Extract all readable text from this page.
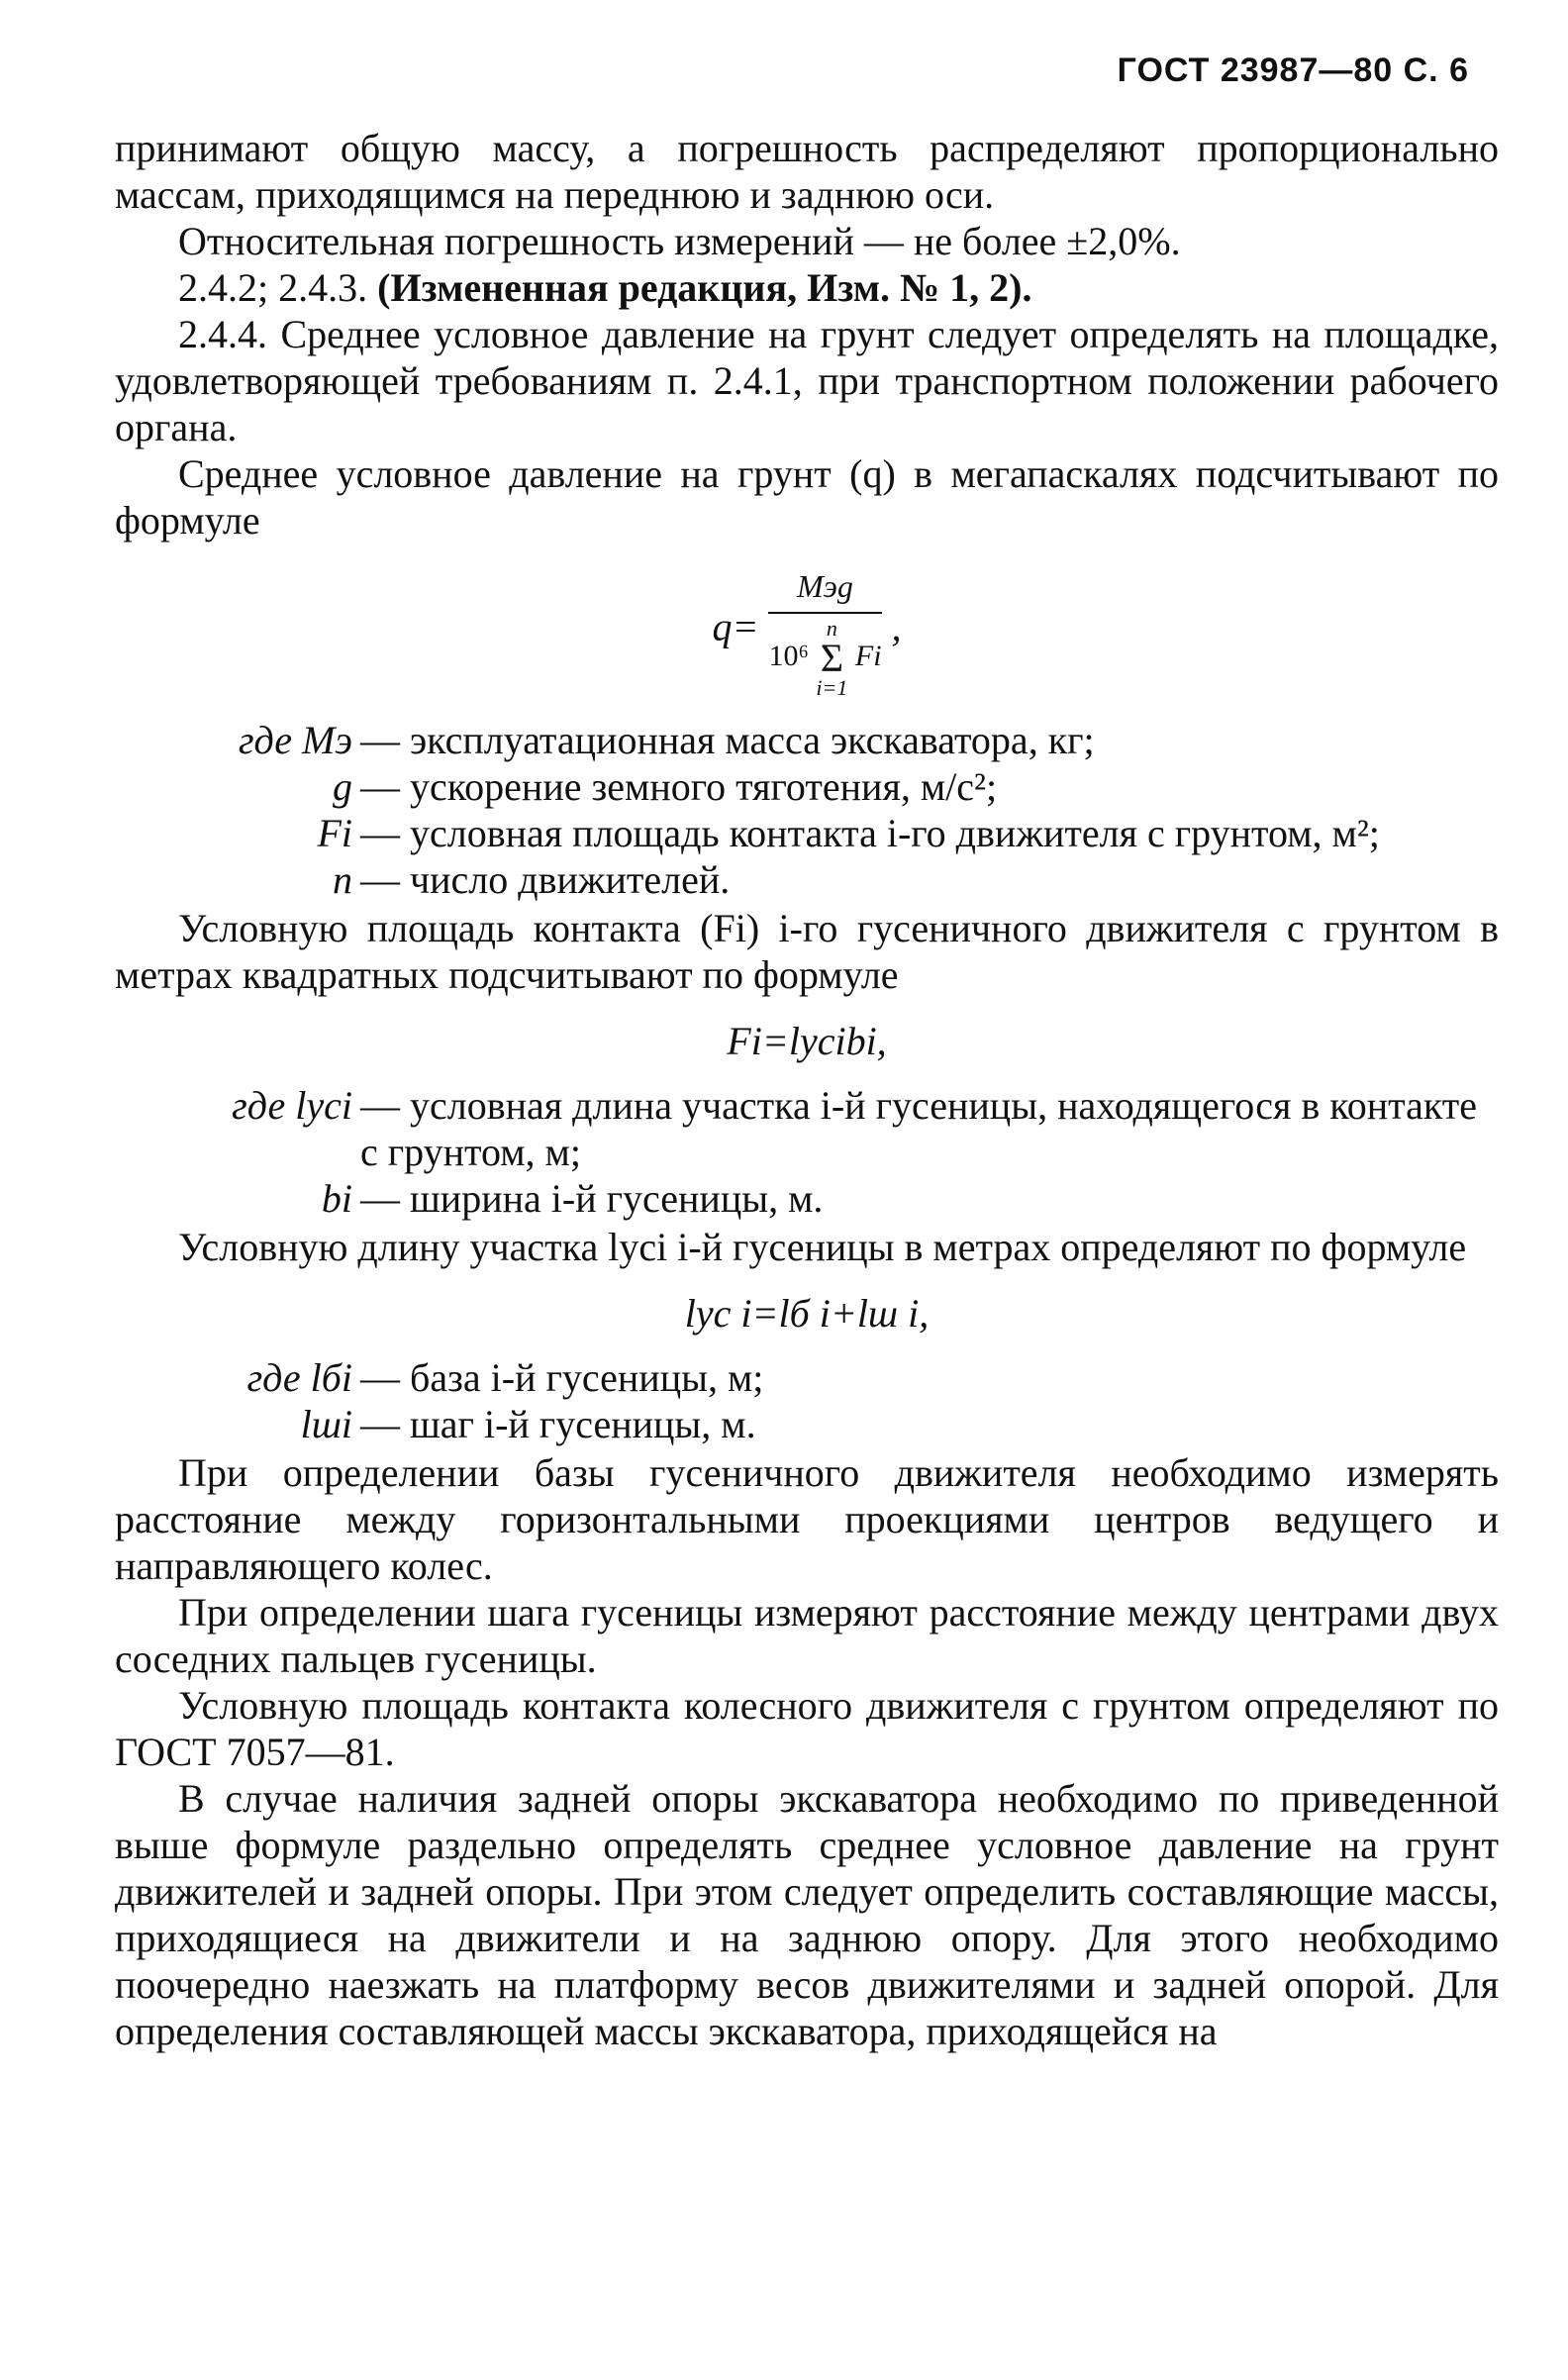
ГОСТ 23987—80 С. 6

принимают общую массу, а погрешность распределяют пропорционально массам, приходящимся на переднюю и заднюю оси.

Относительная погрешность измерений — не более ±2,0%.

2.4.2; 2.4.3. (Измененная редакция, Изм. № 1, 2).

2.4.4. Среднее условное давление на грунт следует определять на площадке, удовлетворяющей требованиям п. 2.4.1, при транспортном положении рабочего органа.

Среднее условное давление на грунт (q) в мегапаскалях подсчитывают по формуле

q=
Mэg
10⁶ n
Σ
i=1 Fi
,
где Mэ — эксплуатационная масса экскаватора, кг;
g — ускорение земного тяготения, м/с²;
Fi — условная площадь контакта i-го движителя с грунтом, м²;
n — число движителей.

Условную площадь контакта (Fi) i-го гусеничного движителя с грунтом в метрах квадратных подсчитывают по формуле

Fi=lycibi,
где lyci — условная длина участка i-й гусеницы, находящегося в контакте с грунтом, м;
bi — ширина i-й гусеницы, м.

Условную длину участка lyci i-й гусеницы в метрах определяют по формуле

lyc i=lб i+lш i,
где lбi — база i-й гусеницы, м;
lшi — шаг i-й гусеницы, м.

При определении базы гусеничного движителя необходимо измерять расстояние между горизонтальными проекциями центров ведущего и направляющего колес.

При определении шага гусеницы измеряют расстояние между центрами двух соседних пальцев гусеницы.

Условную площадь контакта колесного движителя с грунтом определяют по ГОСТ 7057—81.

В случае наличия задней опоры экскаватора необходимо по приведенной выше формуле раздельно определять среднее условное давление на грунт движителей и задней опоры. При этом следует определить составляющие массы, приходящиеся на движители и на заднюю опору. Для этого необходимо поочередно наезжать на платформу весов движителями и задней опорой. Для определения составляющей массы экскаватора, приходящейся на
